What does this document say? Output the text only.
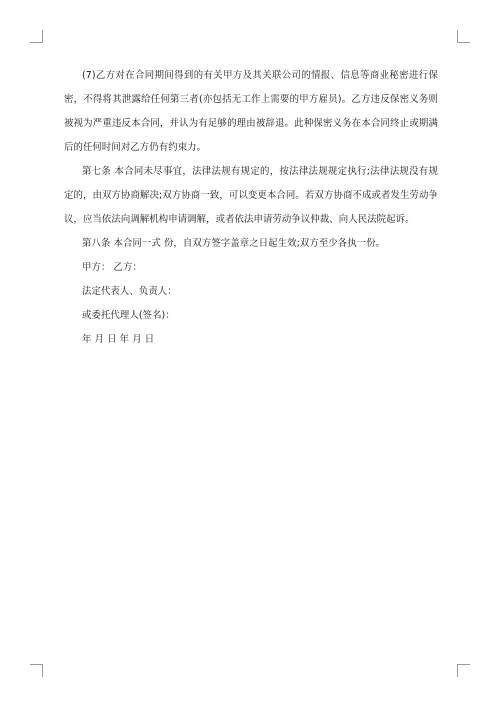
(7)乙方对在合同期间得到的有关甲方及其关联公司的情报、信息等商业秘密进行保密，不得将其泄露给任何第三者(亦包括无工作上需要的甲方雇员)。乙方违反保密义务则被视为严重违反本合同，并认为有足够的理由被辞退。此种保密义务在本合同终止或期满后的任何时间对乙方仍有约束力。

第七条 本合同未尽事宜，法律法规有规定的，按法律法规规定执行;法律法规没有规定的，由双方协商解决;双方协商一致，可以变更本合同。若双方协商不成或者发生劳动争议，应当依法向调解机构申请调解，或者依法申请劳动争议仲裁、向人民法院起诉。

第八条 本合同一式 份，自双方签字盖章之日起生效;双方至少各执一份。

甲方： 乙方：

法定代表人、负责人：

或委托代理人(签名)：

年 月 日 年 月 日
